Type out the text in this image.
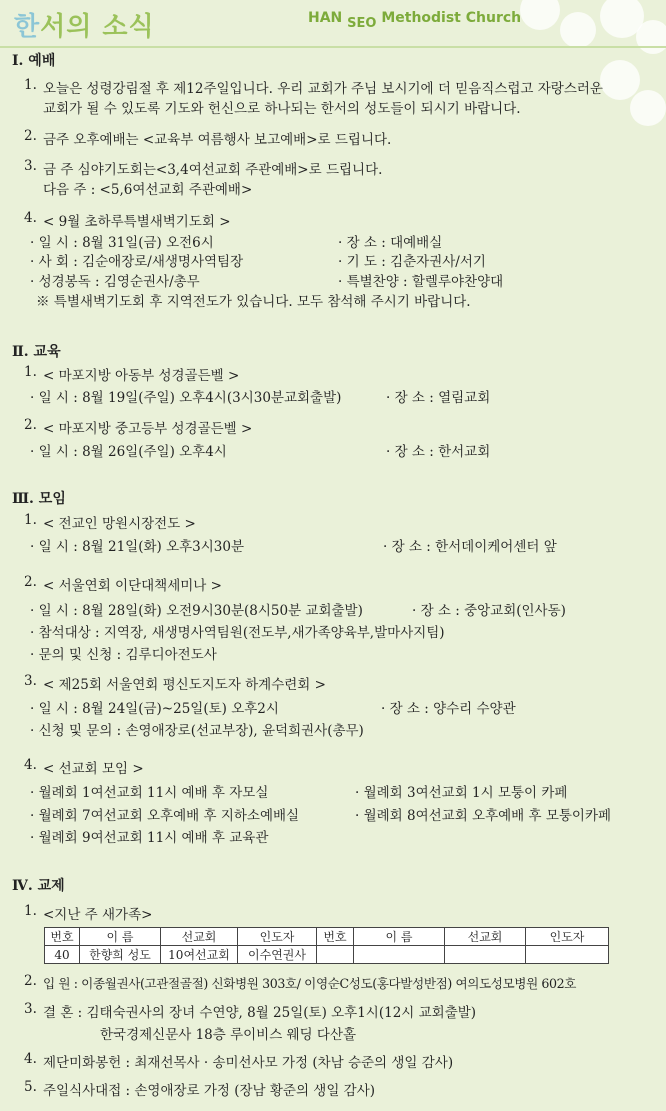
한서의 소식	HAN SEO Methodist Church
Ⅰ. 예배
1. 오늘은 성령강림절 후 제12주일입니다. 우리 교회가 주님 보시기에 더 믿음직스럽고 자랑스러운
교회가 될 수 있도록 기도와 헌신으로 하나되는 한서의 성도들이 되시기 바랍니다.
2. 금주 오후예배는 <교육부 여름행사 보고예배>로 드립니다.
3. 금 주 심야기도회는<3,4여선교회 주관예배>로 드립니다.
다음 주 : <5,6여선교회 주관예배>
4. < 9월 초하루특별새벽기도회 >
· 일 시 : 8월 31일(금) 오전6시	· 장 소 : 대예배실
· 사 회 : 김순애장로/새생명사역팀장	· 기 도 : 김춘자권사/서기
· 성경봉독 : 김영순권사/총무	· 특별찬양 : 할렐루야찬양대
※ 특별새벽기도회 후 지역전도가 있습니다. 모두 참석해 주시기 바랍니다.
Ⅱ. 교육
1. < 마포지방 아동부 성경골든벨 >
· 일 시 : 8월 19일(주일) 오후4시(3시30분교회출발)	· 장 소 : 열림교회
2. < 마포지방 중고등부 성경골든벨 >
· 일 시 : 8월 26일(주일) 오후4시	· 장 소 : 한서교회
Ⅲ. 모임
1. < 전교인 망원시장전도 >
· 일 시 : 8월 21일(화) 오후3시30분	· 장 소 : 한서데이케어센터 앞
2. < 서울연회 이단대책세미나 >
· 일 시 : 8월 28일(화) 오전9시30분(8시50분 교회출발)	· 장 소 : 중앙교회(인사동)
· 참석대상 : 지역장, 새생명사역팀원(전도부,새가족양육부,발마사지팀)
· 문의 및 신청 : 김루디아전도사
3. < 제25회 서울연회 평신도지도자 하계수련회 >
· 일 시 : 8월 24일(금)~25일(토) 오후2시	· 장 소 : 양수리 수양관
· 신청 및 문의 : 손영애장로(선교부장), 윤덕희권사(총무)
4. < 선교회 모임 >
· 월례회 1여선교회 11시 예배 후 자모실	· 월례회 3여선교회 1시 모퉁이 카페
· 월례회 7여선교회 오후예배 후 지하소예배실	· 월례회 8여선교회 오후예배 후 모퉁이카페
· 월례회 9여선교회 11시 예배 후 교육관
Ⅳ. 교제
1. <지난 주 새가족>
번호	이 름	선교회	인도자	번호	이 름	선교회	인도자
40	한향희 성도	10여선교회	이수연권사				
2. 입 원 : 이종월권사(고관절골절) 신화병원 303호/ 이영순C성도(홍다발성반점) 여의도성모병원 602호
3. 결 혼 : 김태숙권사의 장녀 수연양, 8월 25일(토) 오후1시(12시 교회출발)
한국경제신문사 18층 루이비스 웨딩 다산홀
4. 제단미화봉헌 : 최재선목사 · 송미선사모 가정 (차남 승준의 생일 감사)
5. 주일식사대접 : 손영애장로 가정 (장남 황준의 생일 감사)
